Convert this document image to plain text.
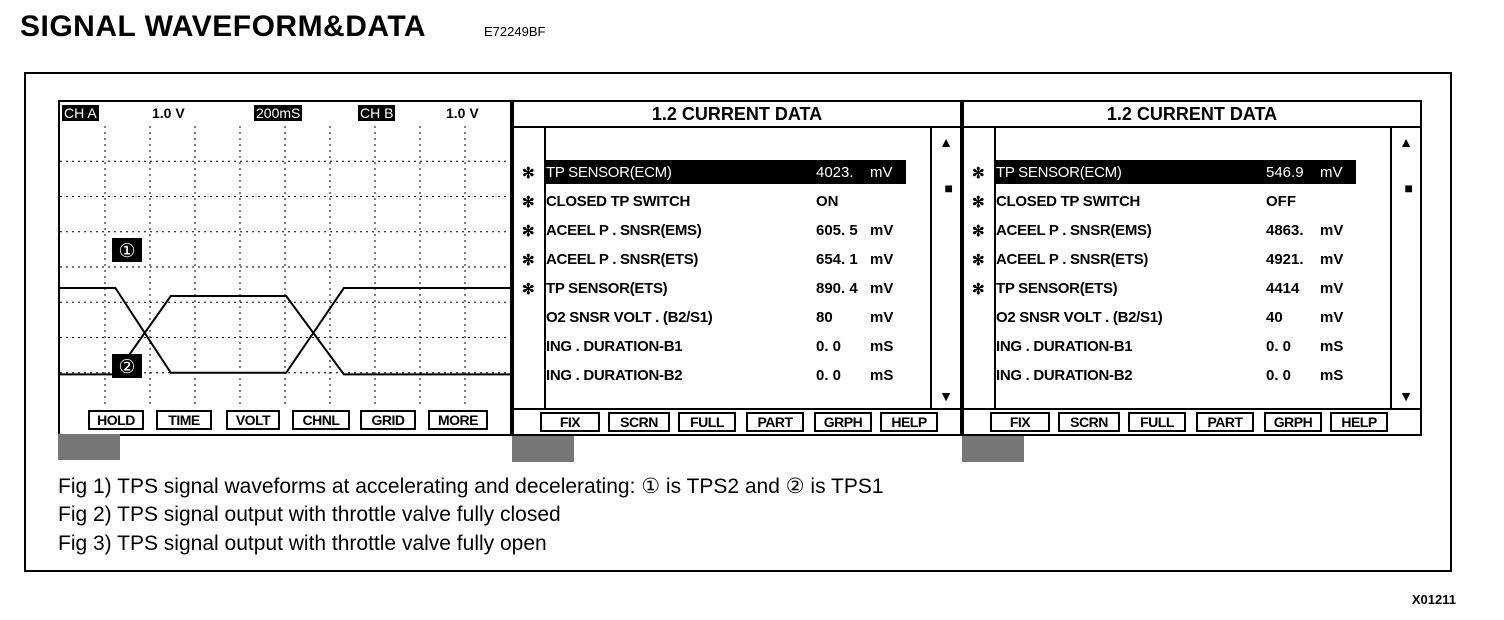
SIGNAL WAVEFORM&DATA	E72249BF
X01211
CH A	1.0 V	200mS	CH B	1.0 V
①
②
HOLD	TIME	VOLT	CHNL	GRID	MORE
1.2 CURRENT DATA
▲
■
▼
✻ TP SENSOR(ECM)	4023. mV
✻ CLOSED TP SWITCH	ON
✻ ACEEL P . SNSR(EMS)	605. 5 mV
✻ ACEEL P . SNSR(ETS)	654. 1 mV
✻ TP SENSOR(ETS)	890. 4 mV
O2 SNSR VOLT . (B2/S1)	80 mV
ING . DURATION-B1	0. 0 mS
ING . DURATION-B2	0. 0 mS
FIX	SCRN	FULL	PART	GRPH	HELP
1.2 CURRENT DATA
▲
■
▼
✻ TP SENSOR(ECM)	546.9 mV
✻ CLOSED TP SWITCH	OFF
✻ ACEEL P . SNSR(EMS)	4863. mV
✻ ACEEL P . SNSR(ETS)	4921. mV
✻ TP SENSOR(ETS)	4414 mV
O2 SNSR VOLT . (B2/S1)	40 mV
ING . DURATION-B1	0. 0 mS
ING . DURATION-B2	0. 0 mS
FIX	SCRN	FULL	PART	GRPH	HELP
Fig 1) TPS signal waveforms at accelerating and decelerating: ① is TPS2 and ② is TPS1
Fig 2) TPS signal output with throttle valve fully closed
Fig 3) TPS signal output with throttle valve fully open
